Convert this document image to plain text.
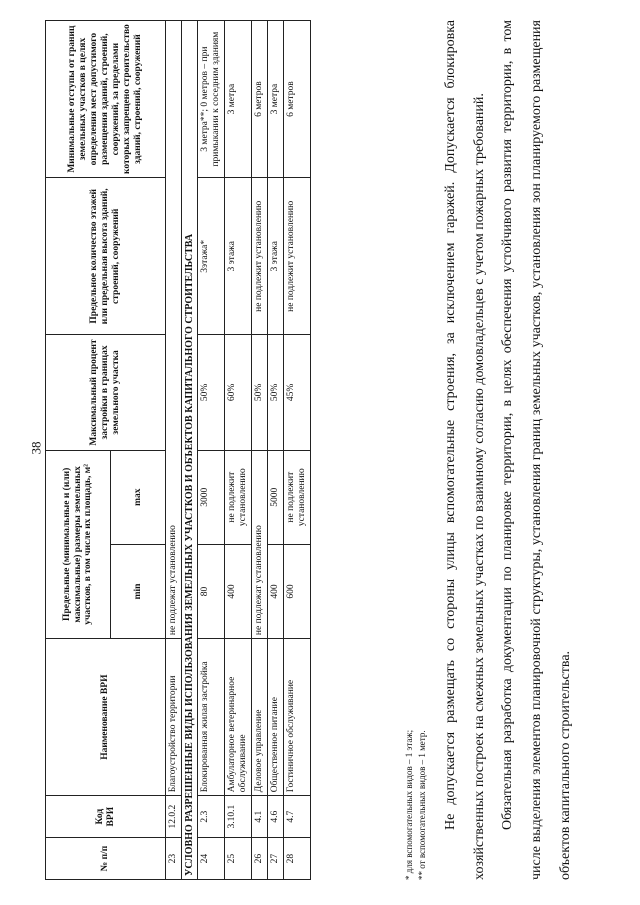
38
№ п/п	Код ВРИ	Наименование ВРИ	Предельные (минимальные и (или) максимальные) размеры земельных участков, в том числе их площадь, м²		Максимальный процент застройки в границах земельного участка	Предельное количество этажей или предельная высота зданий, строений, сооружений	Минимальные отступы от границ земельных участков в целях определения мест допустимого размещения зданий, строений, сооружений, за пределами которых запрещено строительство зданий, строений, сооружений
			min	max			
23	12.0.2	Благоустройство территории	не подлежат установлению				
УСЛОВНО РАЗРЕШЕННЫЕ ВИДЫ ИСПОЛЬЗОВАНИЯ ЗЕМЕЛЬНЫХ УЧАСТКОВ И ОБЪЕКТОВ КАПИТАЛЬНОГО СТРОИТЕЛЬСТВА							
24	2.3	Блокированная жилая застройка	80	3000	50%	3этажа*	3 метра**; 0 метров – при примыкании к соседним зданиям
25	3.10.1	Амбулаторное ветеринарное обслуживание	400	не подлежит установлению	60%	3 этажа	3 метра
26	4.1	Деловое управление	не подлежат установлению		50%	не подлежит установлению	6 метров
27	4.6	Общественное питание	400	5000	50%	3 этажа	3 метра
28	4.7	Гостиничное обслуживание	600	не подлежит установлению	45%	не подлежит установлению	6 метров
* для вспомогательных видов – 1 этаж; ** от вспомогательных видов – 1 метр.	Не допускается размещать со стороны улицы вспомогательные строения, за исключением гаражей. Допускается блокировка хозяйственных построек на смежных земельных участках по взаимному согласию домовладельцев с учетом пожарных требований. Обязательная разработка документации по планировке территории, в целях обеспечения устойчивого развития территории, в том числе выделения элементов планировочной структуры, установления границ земельных участков, установления зон планируемого размещения объектов капитального строительства.
